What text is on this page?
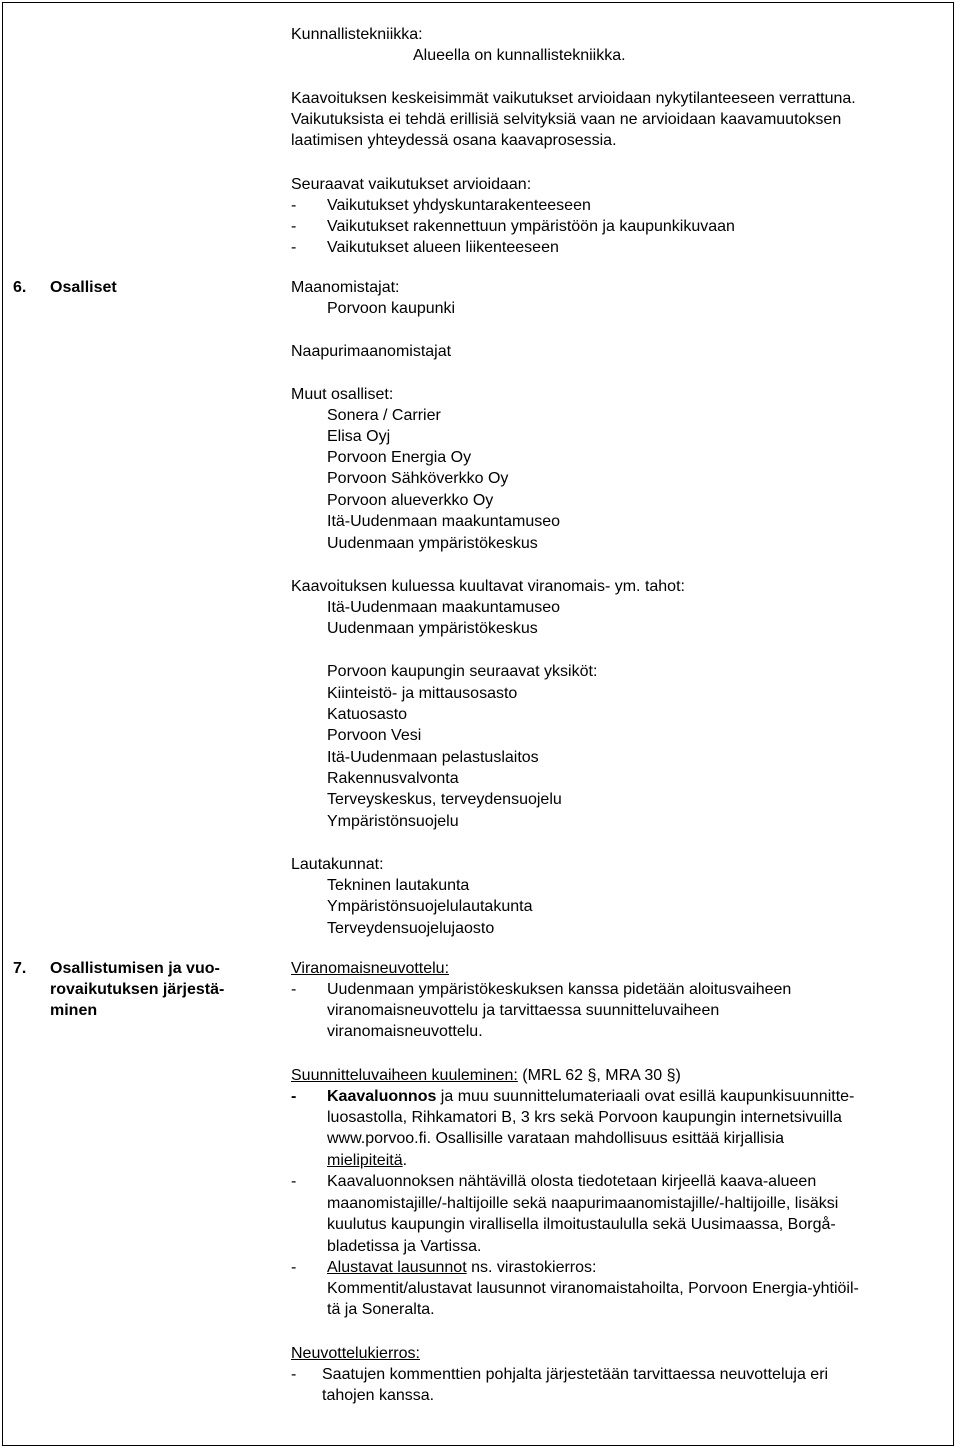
Kunnallistekniikka:
Alueella on kunnallistekniikka.
Kaavoituksen keskeisimmät vaikutukset arvioidaan nykytilanteeseen verrattuna.
Vaikutuksista ei tehdä erillisiä selvityksiä vaan ne arvioidaan kaavamuutoksen
laatimisen yhteydessä osana kaavaprosessia.
Seuraavat vaikutukset arvioidaan:
- Vaikutukset yhdyskuntarakenteeseen
- Vaikutukset rakennettuun ympäristöön ja kaupunkikuvaan
- Vaikutukset alueen liikenteeseen
6. Osalliset	Maanomistajat:
Porvoon kaupunki
Naapurimaanomistajat
Muut osalliset:
Sonera / Carrier
Elisa Oyj
Porvoon Energia Oy
Porvoon Sähköverkko Oy
Porvoon alueverkko Oy
Itä-Uudenmaan maakuntamuseo
Uudenmaan ympäristökeskus
Kaavoituksen kuluessa kuultavat viranomais- ym. tahot:
Itä-Uudenmaan maakuntamuseo
Uudenmaan ympäristökeskus
Porvoon kaupungin seuraavat yksiköt:
Kiinteistö- ja mittausosasto
Katuosasto
Porvoon Vesi
Itä-Uudenmaan pelastuslaitos
Rakennusvalvonta
Terveyskeskus, terveydensuojelu
Ympäristönsuojelu
Lautakunnat:
Tekninen lautakunta
Ympäristönsuojelulautakunta
Terveydensuojelujaosto
7. Osallistumisen ja vuo-
rovaikutuksen järjestä-
minen
Viranomaisneuvottelu:
- Uudenmaan ympäristökeskuksen kanssa pidetään aloitusvaiheen
viranomaisneuvottelu ja tarvittaessa suunnitteluvaiheen
viranomaisneuvottelu.
Suunnitteluvaiheen kuuleminen: (MRL 62 §, MRA 30 §)
- Kaavaluonnos ja muu suunnittelumateriaali ovat esillä kaupunkisuunnitte-
luosastolla, Rihkamatori B, 3 krs sekä Porvoon kaupungin internetsivuilla
www.porvoo.fi. Osallisille varataan mahdollisuus esittää kirjallisia
mielipiteitä.
- Kaavaluonnoksen nähtävillä olosta tiedotetaan kirjeellä kaava-alueen
maanomistajille/-haltijoille sekä naapurimaanomistajille/-haltijoille, lisäksi
kuulutus kaupungin virallisella ilmoitustaululla sekä Uusimaassa, Borgå-
bladetissa ja Vartissa.
- Alustavat lausunnot ns. virastokierros:
Kommentit/alustavat lausunnot viranomaistahoilta, Porvoon Energia-yhtiöil-
tä ja Soneralta.
Neuvottelukierros:
- Saatujen kommenttien pohjalta järjestetään tarvittaessa neuvotteluja eri
tahojen kanssa.
